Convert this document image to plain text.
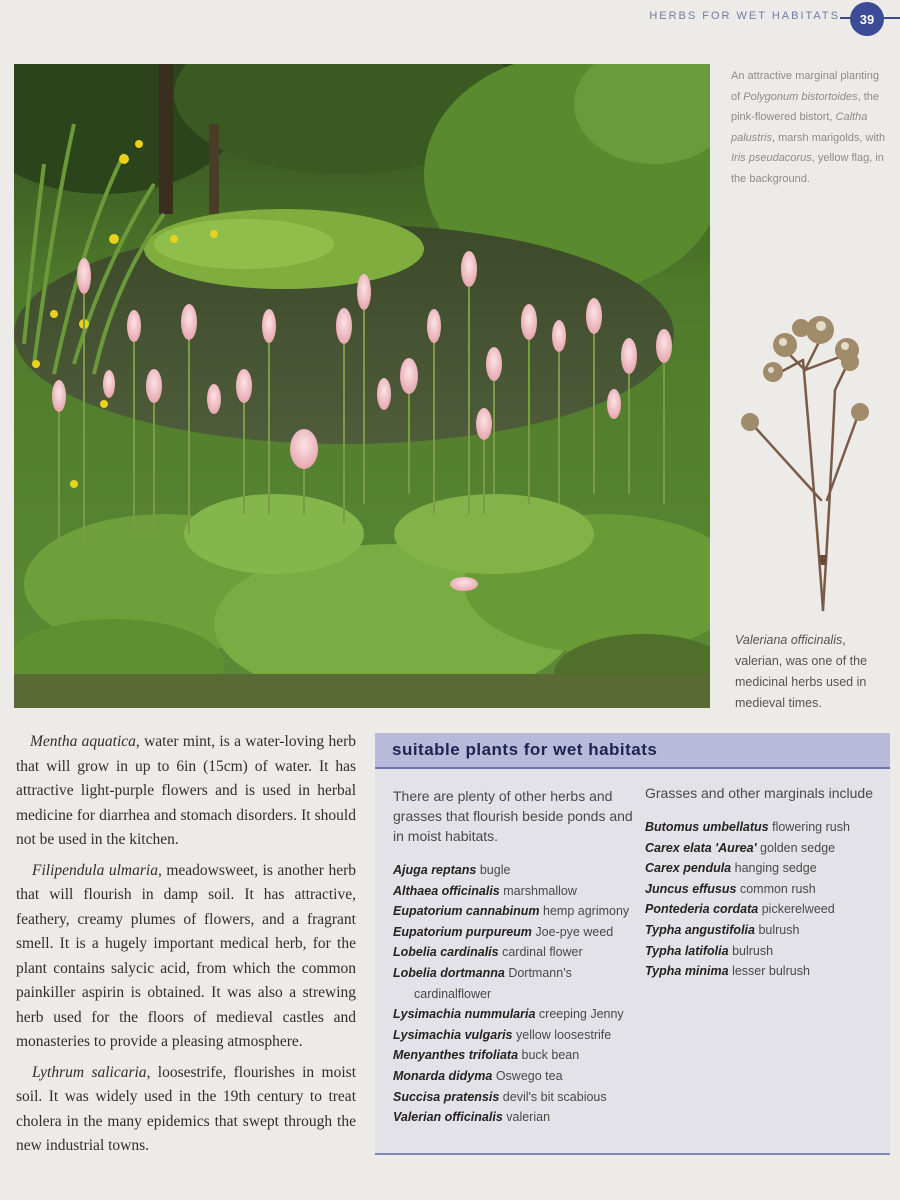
HERBS FOR WET HABITATS 39
An attractive marginal planting of Polygonum bistortoides, the pink-flowered bistort, Caltha palustris, marsh marigolds, with Iris pseudacorus, yellow flag, in the background.
Valeriana officinalis, valerian, was one of the medicinal herbs used in medieval times.

Mentha aquatica, water mint, is a water-loving herb that will grow in up to 6in (15cm) of water. It has attractive light-purple flowers and is used in herbal medicine for diarrhea and stomach disorders. It should not be used in the kitchen.

Filipendula ulmaria, meadowsweet, is another herb that will flourish in damp soil. It has attractive, feathery, creamy plumes of flowers, and a fragrant smell. It is a hugely important medical herb, for the plant contains salycic acid, from which the common painkiller aspirin is obtained. It was also a strewing herb used for the floors of medieval castles and monasteries to provide a pleasing atmosphere.

Lythrum salicaria, loosestrife, flourishes in moist soil. It was widely used in the 19th century to treat cholera in the many epidemics that swept through the new industrial towns.

suitable plants for wet habitats
There are plenty of other herbs and grasses that flourish beside ponds and in moist habitats.
Ajuga reptans bugle
Althaea officinalis marshmallow
Eupatorium cannabinum hemp agrimony
Eupatorium purpureum Joe-pye weed
Lobelia cardinalis cardinal flower
Lobelia dortmanna Dortmann's
cardinalflower
Lysimachia nummularia creeping Jenny
Lysimachia vulgaris yellow loosestrife
Menyanthes trifoliata buck bean
Monarda didyma Oswego tea
Succisa pratensis devil's bit scabious
Valerian officinalis valerian
Grasses and other marginals include
Butomus umbellatus flowering rush
Carex elata 'Aurea' golden sedge
Carex pendula hanging sedge
Juncus effusus common rush
Pontederia cordata pickerelweed
Typha angustifolia bulrush
Typha latifolia bulrush
Typha minima lesser bulrush
